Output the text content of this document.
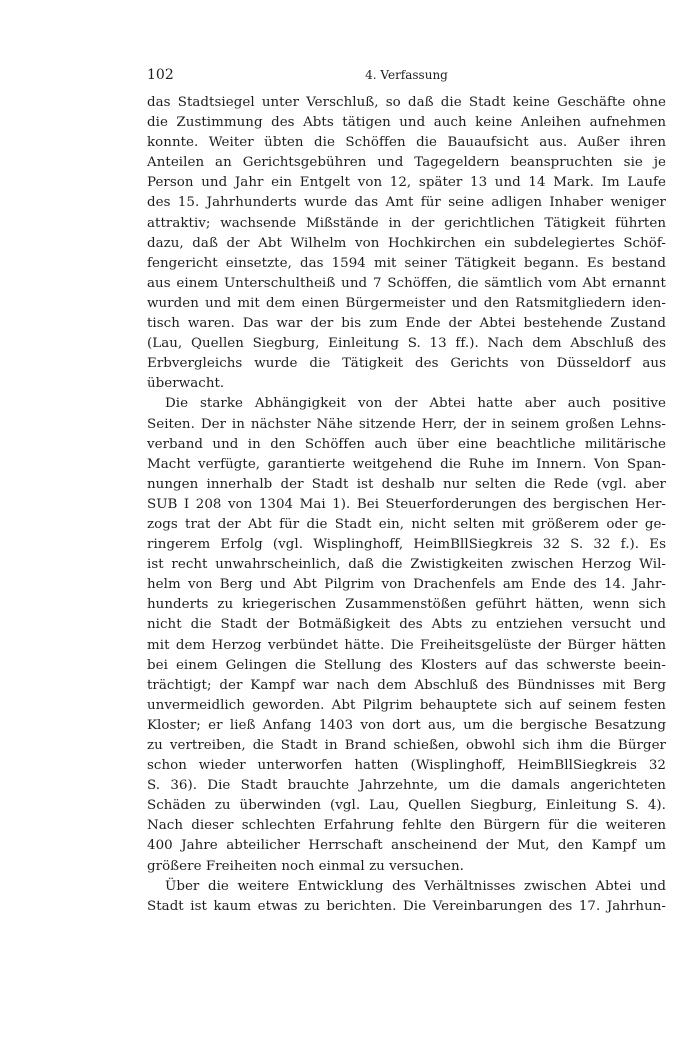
102	4. Verfassung
das Stadtsiegel unter Verschluß, so daß die Stadt keine Geschäfte ohne
die Zustimmung des Abts tätigen und auch keine Anleihen aufnehmen
konnte. Weiter übten die Schöffen die Bauaufsicht aus. Außer ihren
Anteilen an Gerichtsgebühren und Tagegeldern beanspruchten sie je
Person und Jahr ein Entgelt von 12, später 13 und 14 Mark. Im Laufe
des 15. Jahrhunderts wurde das Amt für seine adligen Inhaber weniger
attraktiv; wachsende Mißstände in der gerichtlichen Tätigkeit führten
dazu, daß der Abt Wilhelm von Hochkirchen ein subdelegiertes Schöf-
fengericht einsetzte, das 1594 mit seiner Tätigkeit begann. Es bestand
aus einem Unterschultheiß und 7 Schöffen, die sämtlich vom Abt ernannt
wurden und mit dem einen Bürgermeister und den Ratsmitgliedern iden-
tisch waren. Das war der bis zum Ende der Abtei bestehende Zustand
(Lau, Quellen Siegburg, Einleitung S. 13 ff.). Nach dem Abschluß des
Erbvergleichs wurde die Tätigkeit des Gerichts von Düsseldorf aus
überwacht.
Die starke Abhängigkeit von der Abtei hatte aber auch positive
Seiten. Der in nächster Nähe sitzende Herr, der in seinem großen Lehns-
verband und in den Schöffen auch über eine beachtliche militärische
Macht verfügte, garantierte weitgehend die Ruhe im Innern. Von Span-
nungen innerhalb der Stadt ist deshalb nur selten die Rede (vgl. aber
SUB I 208 von 1304 Mai 1). Bei Steuerforderungen des bergischen Her-
zogs trat der Abt für die Stadt ein, nicht selten mit größerem oder ge-
ringerem Erfolg (vgl. Wisplinghoff, HeimBllSiegkreis 32 S. 32 f.). Es
ist recht unwahrscheinlich, daß die Zwistigkeiten zwischen Herzog Wil-
helm von Berg und Abt Pilgrim von Drachenfels am Ende des 14. Jahr-
hunderts zu kriegerischen Zusammenstößen geführt hätten, wenn sich
nicht die Stadt der Botmäßigkeit des Abts zu entziehen versucht und
mit dem Herzog verbündet hätte. Die Freiheitsgelüste der Bürger hätten
bei einem Gelingen die Stellung des Klosters auf das schwerste beein-
trächtigt; der Kampf war nach dem Abschluß des Bündnisses mit Berg
unvermeidlich geworden. Abt Pilgrim behauptete sich auf seinem festen
Kloster; er ließ Anfang 1403 von dort aus, um die bergische Besatzung
zu vertreiben, die Stadt in Brand schießen, obwohl sich ihm die Bürger
schon wieder unterworfen hatten (Wisplinghoff, HeimBllSiegkreis 32
S. 36). Die Stadt brauchte Jahrzehnte, um die damals angerichteten
Schäden zu überwinden (vgl. Lau, Quellen Siegburg, Einleitung S. 4).
Nach dieser schlechten Erfahrung fehlte den Bürgern für die weiteren
400 Jahre abteilicher Herrschaft anscheinend der Mut, den Kampf um
größere Freiheiten noch einmal zu versuchen.
Über die weitere Entwicklung des Verhältnisses zwischen Abtei und
Stadt ist kaum etwas zu berichten. Die Vereinbarungen des 17. Jahrhun-
